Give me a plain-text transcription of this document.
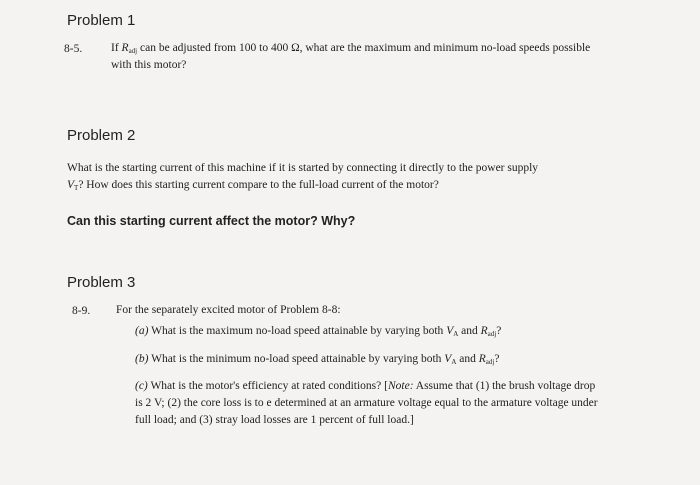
Problem 1
8-5.	If $R_{adj}$ can be adjusted from 100 to 400 Ω, what are the maximum and minimum no-load speeds possible
with this motor?
Problem 2
What is the starting current of this machine if it is started by connecting it directly to the power supply
$V_T$? How does this starting current compare to the full-load current of the motor?
Can this starting current affect the motor? Why?
Problem 3
8-9. For the separately excited motor of Problem 8-8:
(a) What is the maximum no-load speed attainable by varying both $V_A$ and $R_{adj}$?
(b) What is the minimum no-load speed attainable by varying both $V_A$ and $R_{adj}$?
(c) What is the motor's efficiency at rated conditions? [Note: Assume that (1) the brush voltage drop
is 2 V; (2) the core loss is to e determined at an armature voltage equal to the armature voltage under
full load; and (3) stray load losses are 1 percent of full load.]
